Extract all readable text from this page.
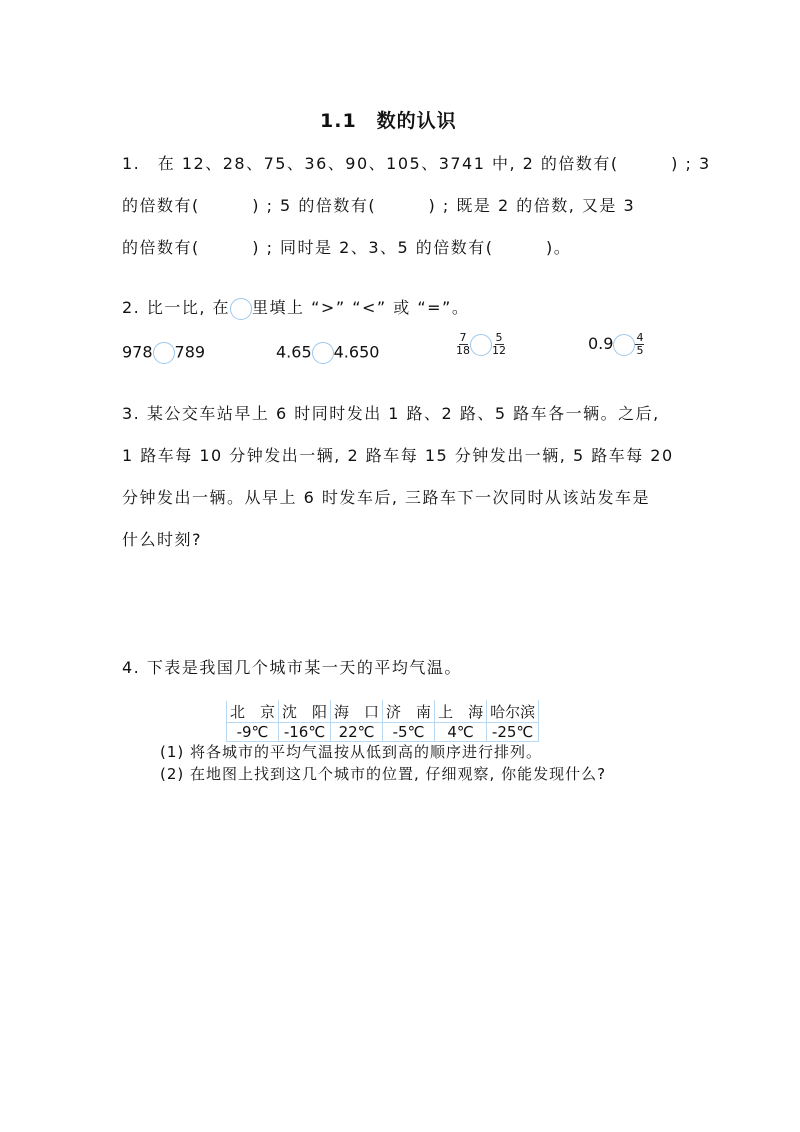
1.1　数的认识
1.　在 12、28、75、36、90、105、3741 中, 2 的倍数有(　　　) ; 3
的倍数有(　　　) ; 5 的倍数有(　　　) ; 既是 2 的倍数, 又是 3
的倍数有(　　　) ; 同时是 2、3、5 的倍数有(　　　)。
2. 比一比, 在 里填上 “>” “<” 或 “=”。
978 789	4.65 4.650	$\frac{7}{18} \frac{5}{12}$	$0.9 \frac{4}{5}$
3. 某公交车站早上 6 时同时发出 1 路、2 路、5 路车各一辆。之后,
1 路车每 10 分钟发出一辆, 2 路车每 15 分钟发出一辆, 5 路车每 20
分钟发出一辆。从早上 6 时发车后, 三路车下一次同时从该站发车是
什么时刻?
4. 下表是我国几个城市某一天的平均气温。
北　京	沈　阳	海　口	济　南	上　海	哈尔滨
-9℃	-16℃	22℃	-5℃	4℃	-25℃
(1) 将各城市的平均气温按从低到高的顺序进行排列。
(2) 在地图上找到这几个城市的位置, 仔细观察, 你能发现什么?
